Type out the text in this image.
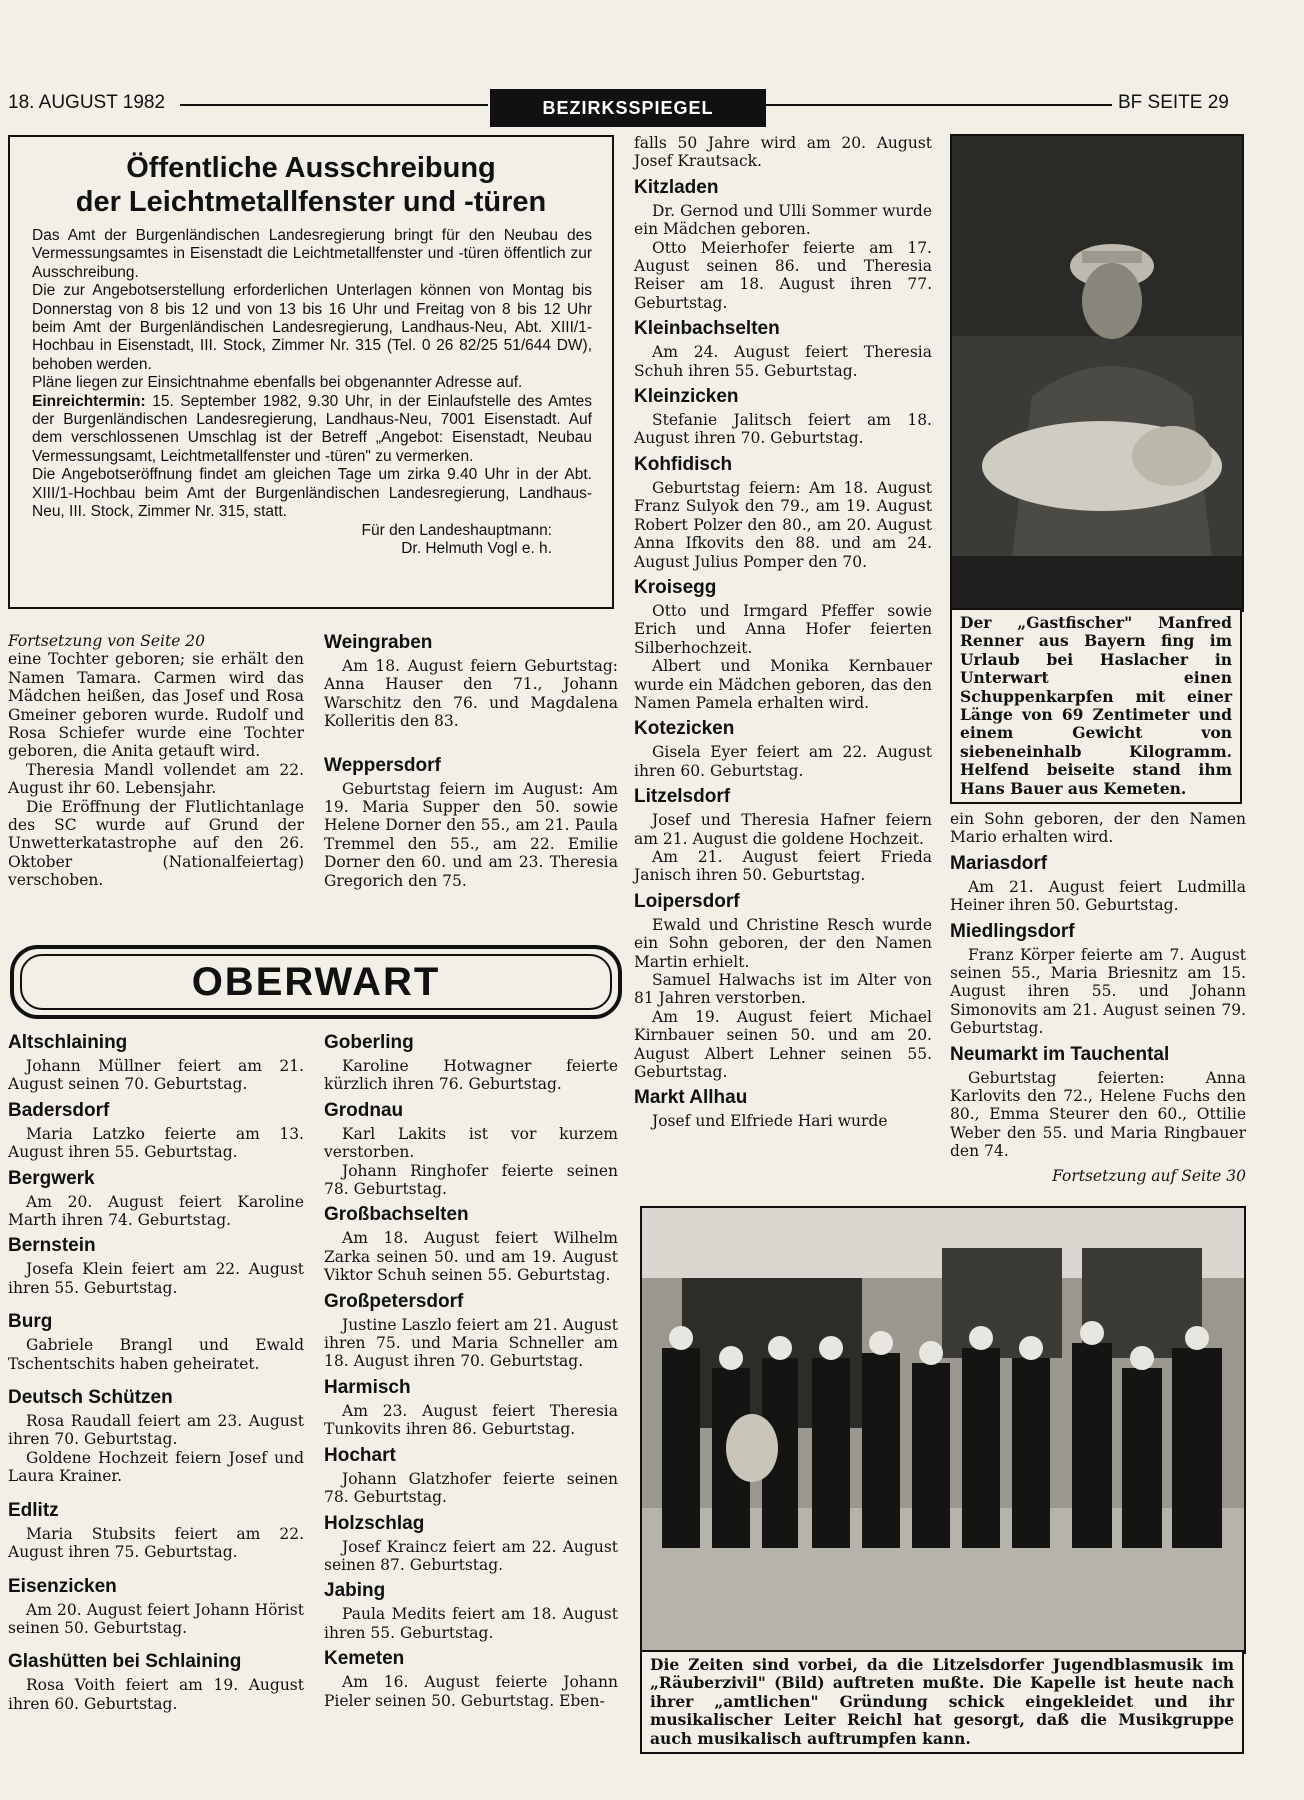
18. AUGUST 1982	BEZIRKSSPIEGEL	BF SEITE 29
Öffentliche Ausschreibung
der Leichtmetallfenster und -türen
Das Amt der Burgenländischen Landesregierung bringt für den Neubau des Vermessungsamtes in Eisenstadt die Leichtmetallfenster und -türen öffentlich zur Ausschreibung.
Die zur Angebotserstellung erforderlichen Unterlagen können von Montag bis Donnerstag von 8 bis 12 und von 13 bis 16 Uhr und Freitag von 8 bis 12 Uhr beim Amt der Burgenländischen Landesregierung, Landhaus-Neu, Abt. XIII/1-Hochbau in Eisenstadt, III. Stock, Zimmer Nr. 315 (Tel. 0 26 82/25 51/644 DW), behoben werden.
Pläne liegen zur Einsichtnahme ebenfalls bei obgenannter Adresse auf.
Einreichtermin: 15. September 1982, 9.30 Uhr, in der Einlaufstelle des Amtes der Burgenländischen Landesregierung, Landhaus-Neu, 7001 Eisenstadt. Auf dem verschlossenen Umschlag ist der Betreff „Angebot: Eisenstadt, Neubau Vermessungsamt, Leichtmetallfenster und -türen" zu vermerken.
Die Angebotseröffnung findet am gleichen Tage um zirka 9.40 Uhr in der Abt. XIII/1-Hochbau beim Amt der Burgenländischen Landesregierung, Landhaus-Neu, III. Stock, Zimmer Nr. 315, statt.
Für den Landeshauptmann:
Dr. Helmuth Vogl e. h.

Fortsetzung von Seite 20

eine Tochter geboren; sie erhält den Namen Tamara. Carmen wird das Mädchen heißen, das Josef und Rosa Gmeiner geboren wurde. Rudolf und Rosa Schiefer wurde eine Tochter geboren, die Anita getauft wird.

Theresia Mandl vollendet am 22. August ihr 60. Lebensjahr.

Die Eröffnung der Flutlichtanlage des SC wurde auf Grund der Unwetterkatastrophe auf den 26. Oktober (Nationalfeiertag) verschoben.

Weingraben

Am 18. August feiern Geburtstag: Anna Hauser den 71., Johann Warschitz den 76. und Magdalena Kolleritis den 83.

Weppersdorf

Geburtstag feiern im August: Am 19. Maria Supper den 50. sowie Helene Dorner den 55., am 21. Paula Tremmel den 55., am 22. Emilie Dorner den 60. und am 23. Theresia Gregorich den 75.

OBERWART
Altschlaining

Johann Müllner feiert am 21. August seinen 70. Geburtstag.

Badersdorf

Maria Latzko feierte am 13. August ihren 55. Geburtstag.

Bergwerk

Am 20. August feiert Karoline Marth ihren 74. Geburtstag.

Bernstein

Josefa Klein feiert am 22. August ihren 55. Geburtstag.

Burg

Gabriele Brangl und Ewald Tschentschits haben geheiratet.

Deutsch Schützen

Rosa Raudall feiert am 23. August ihren 70. Geburtstag.

Goldene Hochzeit feiern Josef und Laura Krainer.

Edlitz

Maria Stubsits feiert am 22. August ihren 75. Geburtstag.

Eisenzicken

Am 20. August feiert Johann Hörist seinen 50. Geburtstag.

Glashütten bei Schlaining

Rosa Voith feiert am 19. August ihren 60. Geburtstag.

Goberling

Karoline Hotwagner feierte kürzlich ihren 76. Geburtstag.

Grodnau

Karl Lakits ist vor kurzem verstorben.

Johann Ringhofer feierte seinen 78. Geburtstag.

Großbachselten

Am 18. August feiert Wilhelm Zarka seinen 50. und am 19. August Viktor Schuh seinen 55. Geburtstag.

Großpetersdorf

Justine Laszlo feiert am 21. August ihren 75. und Maria Schneller am 18. August ihren 70. Geburtstag.

Harmisch

Am 23. August feiert Theresia Tunkovits ihren 86. Geburtstag.

Hochart

Johann Glatzhofer feierte seinen 78. Geburtstag.

Holzschlag

Josef Kraincz feiert am 22. August seinen 87. Geburtstag.

Jabing

Paula Medits feiert am 18. August ihren 55. Geburtstag.

Kemeten

Am 16. August feierte Johann Pieler seinen 50. Geburtstag. Eben-

falls 50 Jahre wird am 20. August Josef Krautsack.

Kitzladen

Dr. Gernod und Ulli Sommer wurde ein Mädchen geboren.

Otto Meierhofer feierte am 17. August seinen 86. und Theresia Reiser am 18. August ihren 77. Geburtstag.

Kleinbachselten

Am 24. August feiert Theresia Schuh ihren 55. Geburtstag.

Kleinzicken

Stefanie Jalitsch feiert am 18. August ihren 70. Geburtstag.

Kohfidisch

Geburtstag feiern: Am 18. August Franz Sulyok den 79., am 19. August Robert Polzer den 80., am 20. August Anna Ifkovits den 88. und am 24. August Julius Pomper den 70.

Kroisegg

Otto und Irmgard Pfeffer sowie Erich und Anna Hofer feierten Silberhochzeit.

Albert und Monika Kernbauer wurde ein Mädchen geboren, das den Namen Pamela erhalten wird.

Kotezicken

Gisela Eyer feiert am 22. August ihren 60. Geburtstag.

Litzelsdorf

Josef und Theresia Hafner feiern am 21. August die goldene Hochzeit.

Am 21. August feiert Frieda Janisch ihren 50. Geburtstag.

Loipersdorf

Ewald und Christine Resch wurde ein Sohn geboren, der den Namen Martin erhielt.

Samuel Halwachs ist im Alter von 81 Jahren verstorben.

Am 19. August feiert Michael Kirnbauer seinen 50. und am 20. August Albert Lehner seinen 55. Geburtstag.

Markt Allhau

Josef und Elfriede Hari wurde

Der „Gastfischer" Manfred Renner aus Bayern fing im Urlaub bei Haslacher in Unterwart einen Schuppenkarpfen mit einer Länge von 69 Zentimeter und einem Gewicht von siebeneinhalb Kilogramm. Helfend beiseite stand ihm Hans Bauer aus Kemeten.

ein Sohn geboren, der den Namen Mario erhalten wird.

Mariasdorf

Am 21. August feiert Ludmilla Heiner ihren 50. Geburtstag.

Miedlingsdorf

Franz Körper feierte am 7. August seinen 55., Maria Briesnitz am 15. August ihren 55. und Johann Simonovits am 21. August seinen 79. Geburtstag.

Neumarkt im Tauchental

Geburtstag feierten: Anna Karlovits den 72., Helene Fuchs den 80., Emma Steurer den 60., Ottilie Weber den 55. und Maria Ringbauer den 74.

Fortsetzung auf Seite 30

Die Zeiten sind vorbei, da die Litzelsdorfer Jugendblasmusik im „Räuberzivil" (Bild) auftreten mußte. Die Kapelle ist heute nach ihrer „amtlichen" Gründung schick eingekleidet und ihr musikalischer Leiter Reichl hat gesorgt, daß die Musikgruppe auch musikalisch auftrumpfen kann.
